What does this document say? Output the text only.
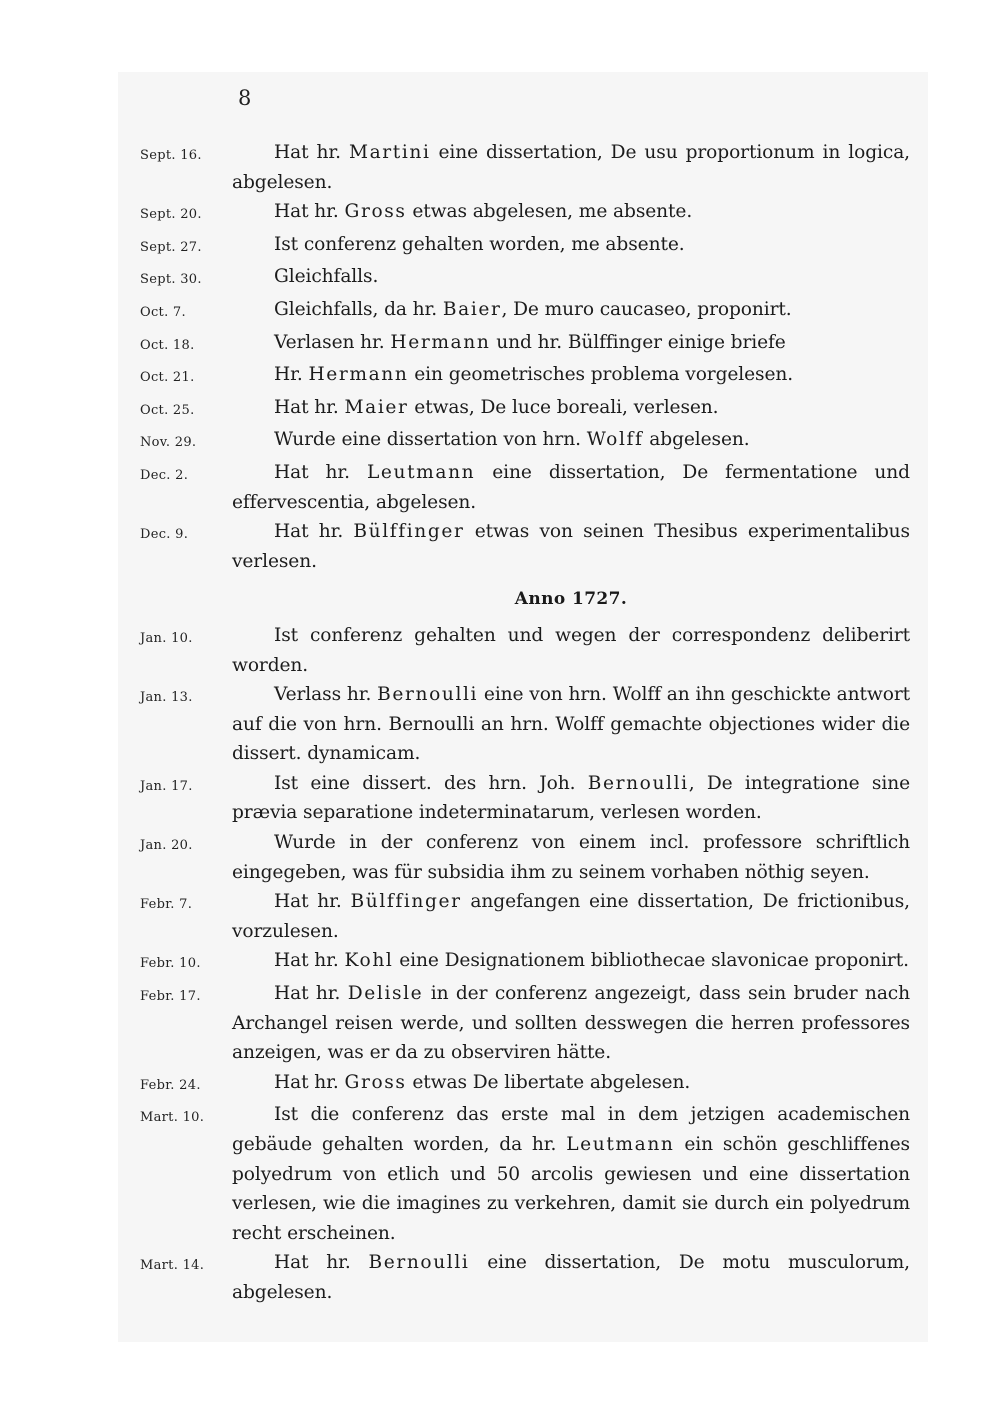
8
Sept. 16.	Hat hr. Martini eine dissertation, De usu proportionum in logica, abgelesen.
Sept. 20.	Hat hr. Gross etwas abgelesen, me absente.
Sept. 27.	Ist conferenz gehalten worden, me absente.
Sept. 30.	Gleichfalls.
Oct. 7.	Gleichfalls, da hr. Baier, De muro caucaseo, proponirt.
Oct. 18.	Verlasen hr. Hermann und hr. Bülffinger einige briefe
Oct. 21.	Hr. Hermann ein geometrisches problema vorgelesen.
Oct. 25.	Hat hr. Maier etwas, De luce boreali, verlesen.
Nov. 29.	Wurde eine dissertation von hrn. Wolff abgelesen.
Dec. 2.	Hat hr. Leutmann eine dissertation, De fermentatione und effervescentia, abgelesen.
Dec. 9.	Hat hr. Bülffinger etwas von seinen Thesibus experimentalibus verlesen.
Anno 1727.
Jan. 10.	Ist conferenz gehalten und wegen der correspondenz deliberirt worden.
Jan. 13.	Verlass hr. Bernoulli eine von hrn. Wolff an ihn geschickte antwort auf die von hrn. Bernoulli an hrn. Wolff gemachte objectiones wider die dissert. dynamicam.
Jan. 17.	Ist eine dissert. des hrn. Joh. Bernoulli, De integratione sine prævia separatione indeterminatarum, verlesen worden.
Jan. 20.	Wurde in der conferenz von einem incl. professore schriftlich eingegeben, was für subsidia ihm zu seinem vorhaben nöthig seyen.
Febr. 7.	Hat hr. Bülffinger angefangen eine dissertation, De frictionibus, vorzulesen.
Febr. 10.	Hat hr. Kohl eine Designationem bibliothecae slavonicae proponirt.
Febr. 17.	Hat hr. Delisle in der conferenz angezeigt, dass sein bruder nach Archangel reisen werde, und sollten desswegen die herren professores anzeigen, was er da zu observiren hätte.
Febr. 24.	Hat hr. Gross etwas De libertate abgelesen.
Mart. 10.	Ist die conferenz das erste mal in dem jetzigen academischen gebäude gehalten worden, da hr. Leutmann ein schön geschliffenes polyedrum von etlich und 50 arcolis gewiesen und eine dissertation verlesen, wie die imagines zu verkehren, damit sie durch ein polyedrum recht erscheinen.
Mart. 14.	Hat hr. Bernoulli eine dissertation, De motu musculorum, abgelesen.
